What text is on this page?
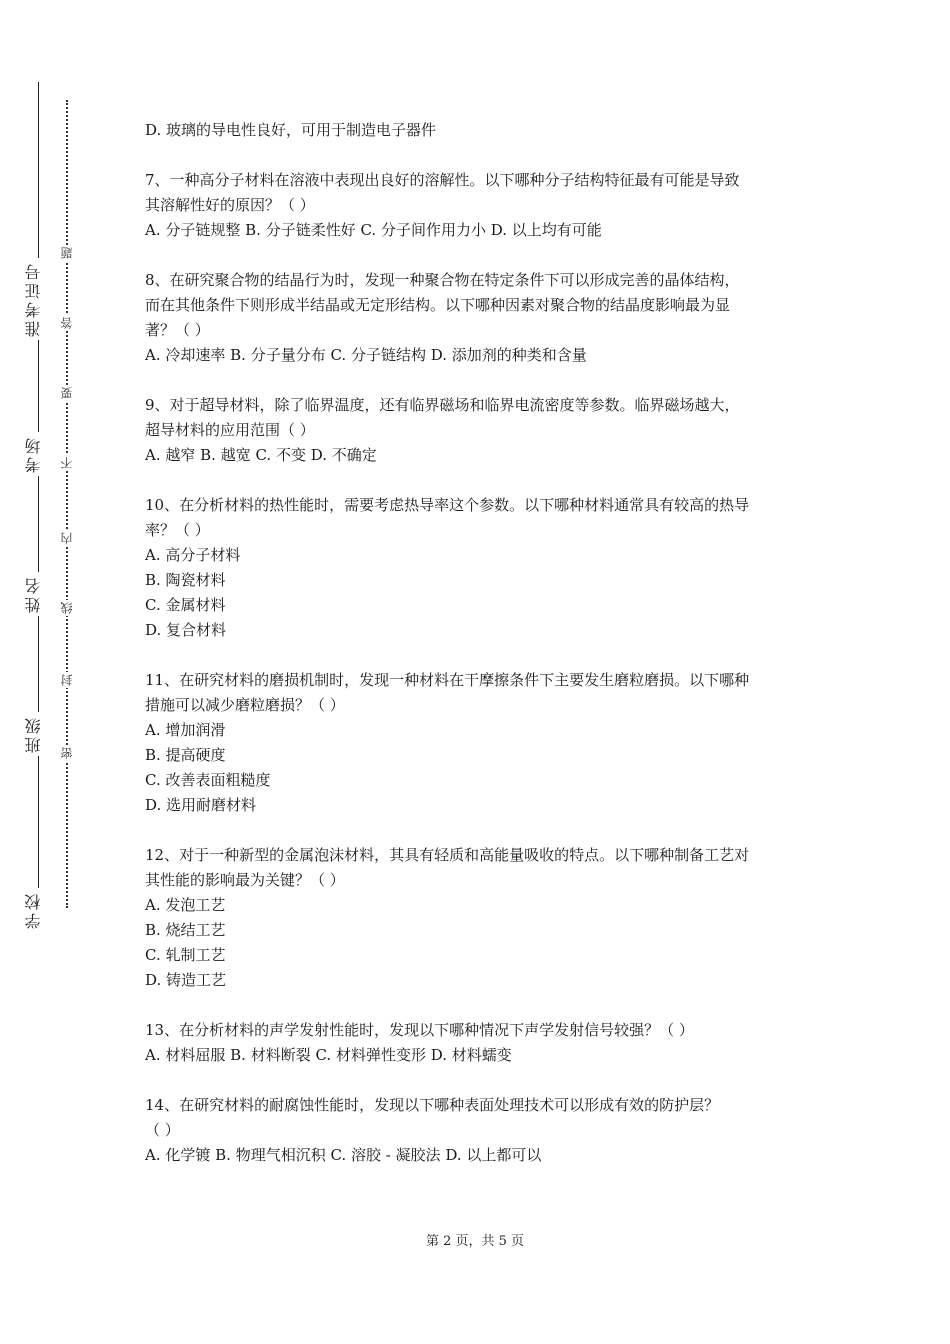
准考证号
考场
姓名
班级
学校
题
答
要
不
内
线
封
密
D. 玻璃的导电性良好，可用于制造电子器件
7、一种高分子材料在溶液中表现出良好的溶解性。以下哪种分子结构特征最有可能是导致
其溶解性好的原因？（ ）
A. 分子链规整 B. 分子链柔性好 C. 分子间作用力小 D. 以上均有可能
8、在研究聚合物的结晶行为时，发现一种聚合物在特定条件下可以形成完善的晶体结构，
而在其他条件下则形成半结晶或无定形结构。以下哪种因素对聚合物的结晶度影响最为显
著？（ ）
A. 冷却速率 B. 分子量分布 C. 分子链结构 D. 添加剂的种类和含量
9、对于超导材料，除了临界温度，还有临界磁场和临界电流密度等参数。临界磁场越大，
超导材料的应用范围（ ）
A. 越窄 B. 越宽 C. 不变 D. 不确定
10、在分析材料的热性能时，需要考虑热导率这个参数。以下哪种材料通常具有较高的热导
率？（ ）
A. 高分子材料
B. 陶瓷材料
C. 金属材料
D. 复合材料
11、在研究材料的磨损机制时，发现一种材料在干摩擦条件下主要发生磨粒磨损。以下哪种
措施可以减少磨粒磨损？（ ）
A. 增加润滑
B. 提高硬度
C. 改善表面粗糙度
D. 选用耐磨材料
12、对于一种新型的金属泡沫材料，其具有轻质和高能量吸收的特点。以下哪种制备工艺对
其性能的影响最为关键？（ ）
A. 发泡工艺
B. 烧结工艺
C. 轧制工艺
D. 铸造工艺
13、在分析材料的声学发射性能时，发现以下哪种情况下声学发射信号较强？（ ）
A. 材料屈服 B. 材料断裂 C. 材料弹性变形 D. 材料蠕变
14、在研究材料的耐腐蚀性能时，发现以下哪种表面处理技术可以形成有效的防护层？
（ ）
A. 化学镀 B. 物理气相沉积 C. 溶胶 - 凝胶法 D. 以上都可以
第 2 页，共 5 页
